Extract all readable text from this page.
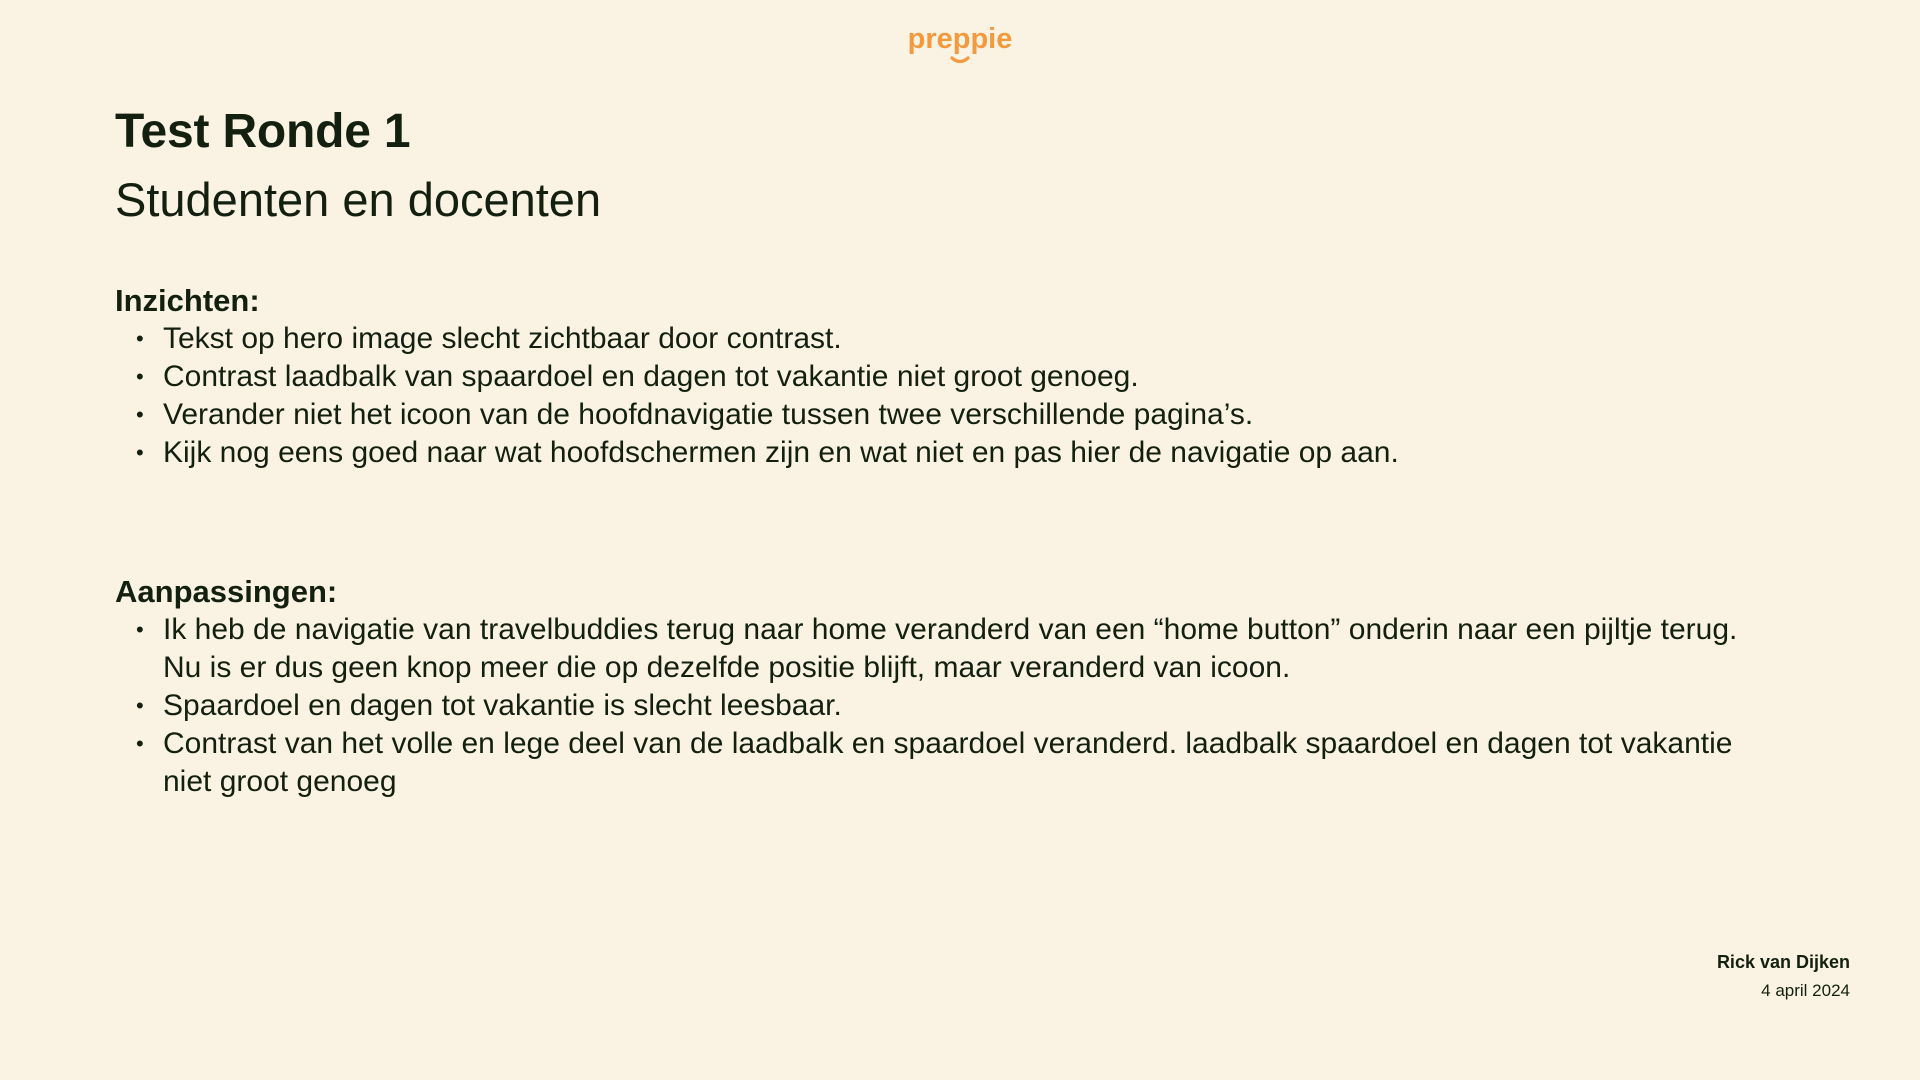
preppie
Test Ronde 1
Studenten en docenten
Inzichten:
• Tekst op hero image slecht zichtbaar door contrast.
• Contrast laadbalk van spaardoel en dagen tot vakantie niet groot genoeg.
• Verander niet het icoon van de hoofdnavigatie tussen twee verschillende pagina’s.
• Kijk nog eens goed naar wat hoofdschermen zijn en wat niet en pas hier de navigatie op aan.
Aanpassingen:
• Ik heb de navigatie van travelbuddies terug naar home veranderd van een “home button” onderin naar een pijltje terug. Nu is er dus geen knop meer die op dezelfde positie blijft, maar veranderd van icoon.
• Spaardoel en dagen tot vakantie is slecht leesbaar.
• Contrast van het volle en lege deel van de laadbalk en spaardoel veranderd. laadbalk spaardoel en dagen tot vakantie niet groot genoeg
Rick van Dijken
4 april 2024
